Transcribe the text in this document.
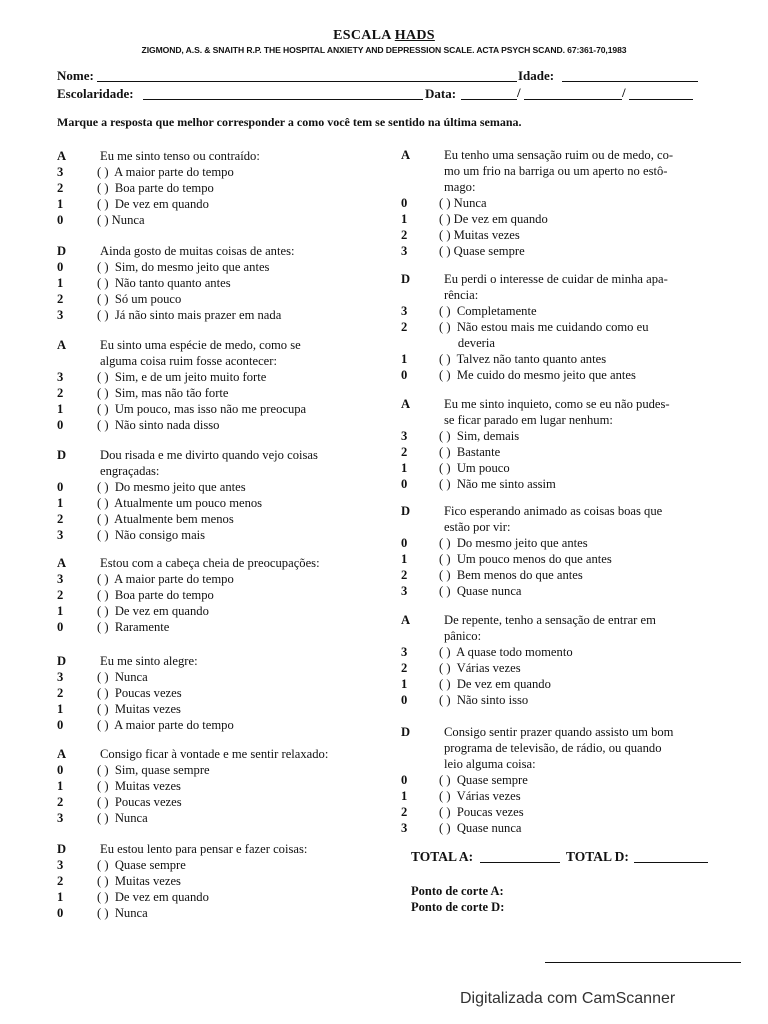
ESCALA HADS
ZIGMOND, A.S. & SNAITH R.P. THE HOSPITAL ANXIETY AND DEPRESSION SCALE. ACTA PSYCH SCAND. 67:361-70,1983
Nome:	Idade:
Escolaridade:	Data:	/	/
Marque a resposta que melhor corresponder a como você tem se sentido na última semana.
A	Eu me sinto tenso ou contraído:
3	( )  A maior parte do tempo
2	( )  Boa parte do tempo
1	( )  De vez em quando
0	( ) Nunca
D	Ainda gosto de muitas coisas de antes:
0	( )  Sim, do mesmo jeito que antes
1	( )  Não tanto quanto antes
2	( )  Só um pouco
3	( )  Já não sinto mais prazer em nada
A	Eu sinto uma espécie de medo, como se
alguma coisa ruim fosse acontecer:
3	( )  Sim, e de um jeito muito forte
2	( )  Sim, mas não tão forte
1	( )  Um pouco, mas isso não me preocupa
0	( )  Não sinto nada disso
D	Dou risada e me divirto quando vejo coisas
engraçadas:
0	( )  Do mesmo jeito que antes
1	( )  Atualmente um pouco menos
2	( )  Atualmente bem menos
3	( )  Não consigo mais
A	Estou com a cabeça cheia de preocupações:
3	( )  A maior parte do tempo
2	( )  Boa parte do tempo
1	( )  De vez em quando
0	( )  Raramente
D	Eu me sinto alegre:
3	( )  Nunca
2	( )  Poucas vezes
1	( )  Muitas vezes
0	( )  A maior parte do tempo
A	Consigo ficar à vontade e me sentir relaxado:
0	( )  Sim, quase sempre
1	( )  Muitas vezes
2	( )  Poucas vezes
3	( )  Nunca
D	Eu estou lento para pensar e fazer coisas:
3	( )  Quase sempre
2	( )  Muitas vezes
1	( )  De vez em quando
0	( )  Nunca
A	Eu tenho uma sensação ruim ou de medo, co-
mo um frio na barriga ou um aperto no estô-
mago:
0	( ) Nunca
1	( ) De vez em quando
2	( ) Muitas vezes
3	( ) Quase sempre
D	Eu perdi o interesse de cuidar de minha apa-
rência:
3	( )  Completamente
2	( )  Não estou mais me cuidando como eu
deveria
1	( )  Talvez não tanto quanto antes
0	( )  Me cuido do mesmo jeito que antes
A	Eu me sinto inquieto, como se eu não pudes-
se ficar parado em lugar nenhum:
3	( )  Sim, demais
2	( )  Bastante
1	( )  Um pouco
0	( )  Não me sinto assim
D	Fico esperando animado as coisas boas que
estão por vir:
0	( )  Do mesmo jeito que antes
1	( )  Um pouco menos do que antes
2	( )  Bem menos do que antes
3	( )  Quase nunca
A	De repente, tenho a sensação de entrar em
pânico:
3	( )  A quase todo momento
2	( )  Várias vezes
1	( )  De vez em quando
0	( )  Não sinto isso
D	Consigo sentir prazer quando assisto um bom
programa de televisão, de rádio, ou quando
leio alguma coisa:
0	( )  Quase sempre
1	( )  Várias vezes
2	( )  Poucas vezes
3	( )  Quase nunca
TOTAL A:	TOTAL D:
Ponto de corte A:
Ponto de corte D:
Digitalizada com CamScanner
